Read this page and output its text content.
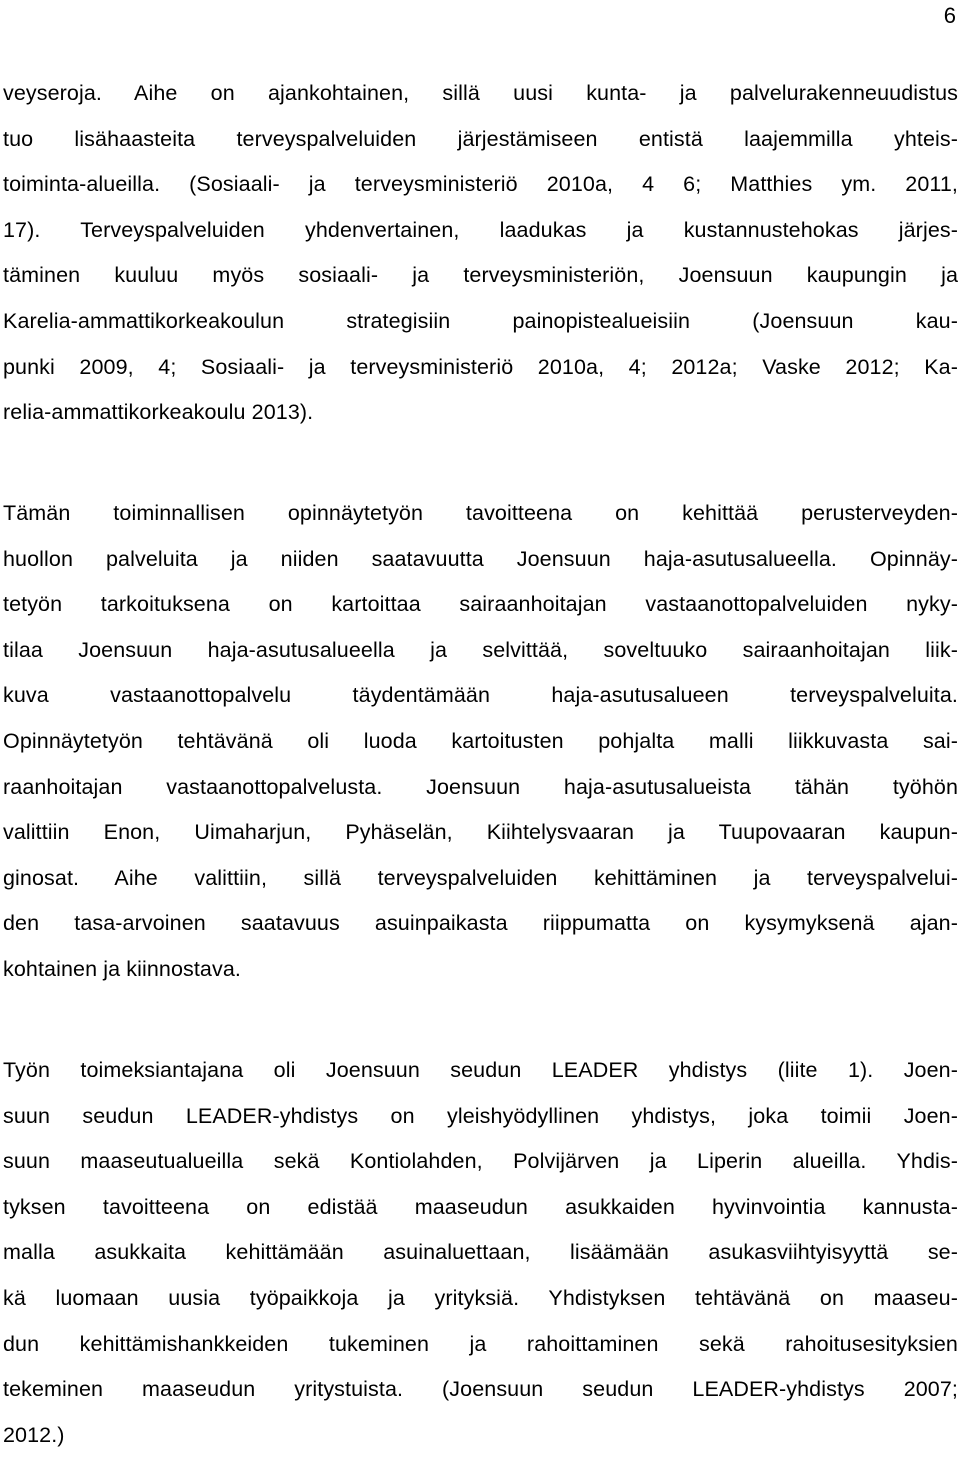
6
veyseroja. Aihe on ajankohtainen, sillä uusi kunta- ja palvelurakenneuudistus
tuo lisähaasteita terveyspalveluiden järjestämiseen entistä laajemmilla yhteis-
toiminta-alueilla. (Sosiaali- ja terveysministeriö 2010a, 4 6; Matthies ym. 2011,
17). Terveyspalveluiden yhdenvertainen, laadukas ja kustannustehokas järjes-
täminen kuuluu myös sosiaali- ja terveysministeriön, Joensuun kaupungin ja
Karelia-ammattikorkeakoulun strategisiin painopistealueisiin (Joensuun kau-
punki 2009, 4; Sosiaali- ja terveysministeriö 2010a, 4; 2012a; Vaske 2012; Ka-
relia-ammattikorkeakoulu 2013).
Tämän toiminnallisen opinnäytetyön tavoitteena on kehittää perusterveyden-
huollon palveluita ja niiden saatavuutta Joensuun haja-asutusalueella. Opinnäy-
tetyön tarkoituksena on kartoittaa sairaanhoitajan vastaanottopalveluiden nyky-
tilaa Joensuun haja-asutusalueella ja selvittää, soveltuuko sairaanhoitajan liik-
kuva vastaanottopalvelu täydentämään haja-asutusalueen terveyspalveluita.
Opinnäytetyön tehtävänä oli luoda kartoitusten pohjalta malli liikkuvasta sai-
raanhoitajan vastaanottopalvelusta. Joensuun haja-asutusalueista tähän työhön
valittiin Enon, Uimaharjun, Pyhäselän, Kiihtelysvaaran ja Tuupovaaran kaupun-
ginosat. Aihe valittiin, sillä terveyspalveluiden kehittäminen ja terveyspalvelui-
den tasa-arvoinen saatavuus asuinpaikasta riippumatta on kysymyksenä ajan-
kohtainen ja kiinnostava.
Työn toimeksiantajana oli Joensuun seudun LEADER yhdistys (liite 1). Joen-
suun seudun LEADER-yhdistys on yleishyödyllinen yhdistys, joka toimii Joen-
suun maaseutualueilla sekä Kontiolahden, Polvijärven ja Liperin alueilla. Yhdis-
tyksen tavoitteena on edistää maaseudun asukkaiden hyvinvointia kannusta-
malla asukkaita kehittämään asuinaluettaan, lisäämään asukasviihtyisyyttä se-
kä luomaan uusia työpaikkoja ja yrityksiä. Yhdistyksen tehtävänä on maaseu-
dun kehittämishankkeiden tukeminen ja rahoittaminen sekä rahoitusesityksien
tekeminen maaseudun yritystuista. (Joensuun seudun LEADER-yhdistys 2007;
2012.)
